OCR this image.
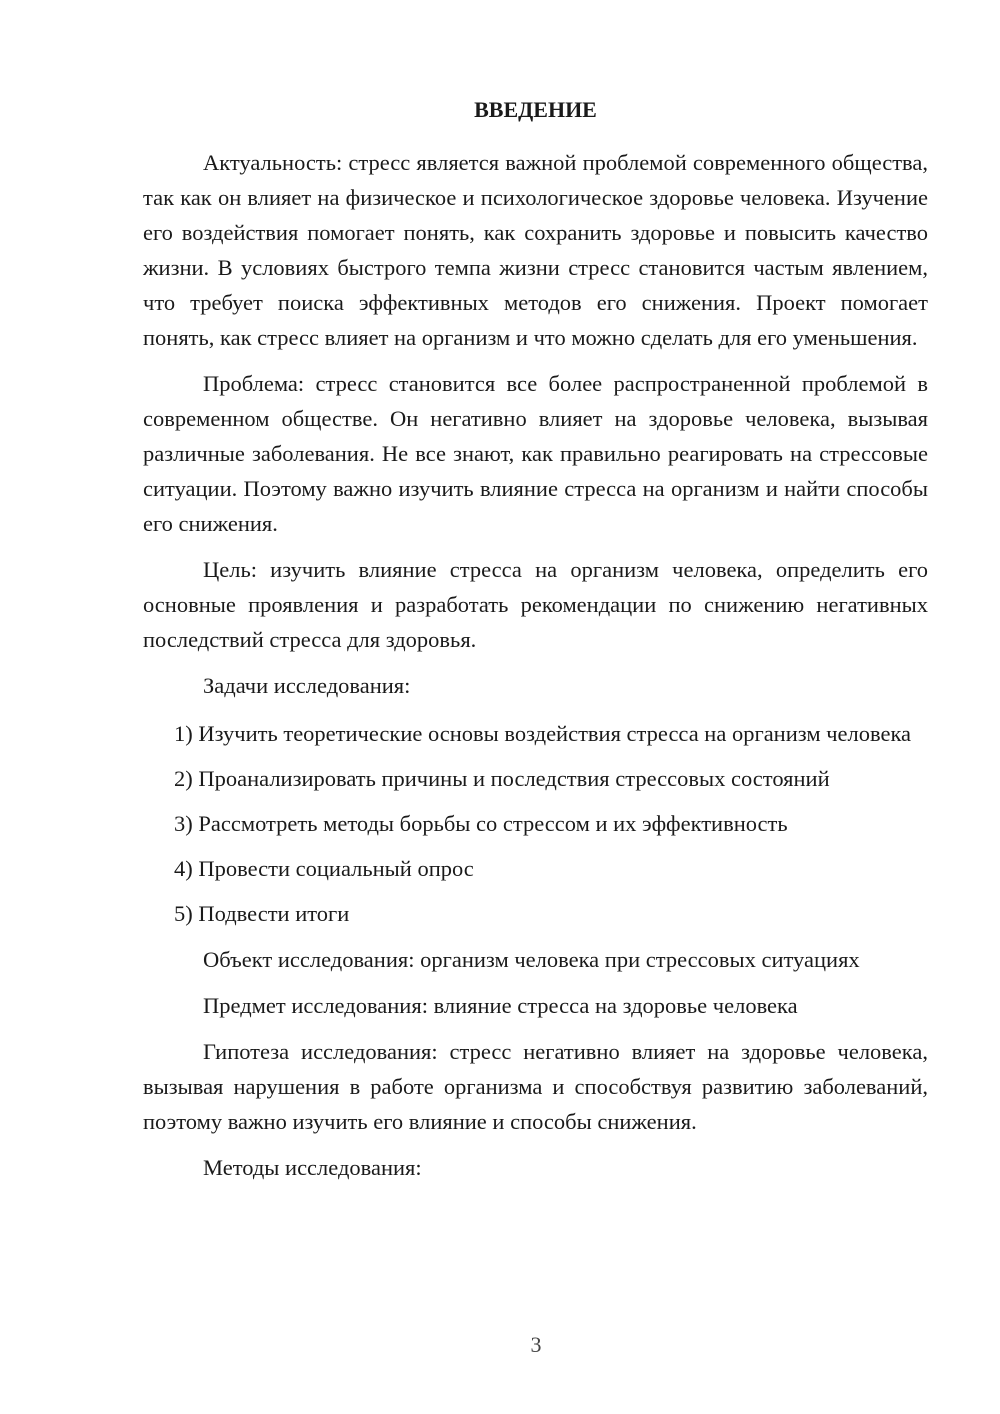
ВВЕДЕНИЕ

Актуальность: стресс является важной проблемой современного общества, так как он влияет на физическое и психологическое здоровье человека. Изучение его воздействия помогает понять, как сохранить здоровье и повысить качество жизни. В условиях быстрого темпа жизни стресс становится частым явлением, что требует поиска эффективных методов его снижения. Проект помогает понять, как стресс влияет на организм и что можно сделать для его уменьшения.

Проблема: стресс становится все более распространенной проблемой в современном обществе. Он негативно влияет на здоровье человека, вызывая различные заболевания. Не все знают, как правильно реагировать на стрессовые ситуации. Поэтому важно изучить влияние стресса на организм и найти способы его снижения.

Цель: изучить влияние стресса на организм человека, определить его основные проявления и разработать рекомендации по снижению негативных последствий стресса для здоровья.

Задачи исследования:

1) Изучить теоретические основы воздействия стресса на организм человека
2) Проанализировать причины и последствия стрессовых состояний
3) Рассмотреть методы борьбы со стрессом и их эффективность
4) Провести социальный опрос
5) Подвести итоги

Объект исследования: организм человека при стрессовых ситуациях

Предмет исследования: влияние стресса на здоровье человека

Гипотеза исследования: стресс негативно влияет на здоровье человека, вызывая нарушения в работе организма и способствуя развитию заболеваний, поэтому важно изучить его влияние и способы снижения.

Методы исследования:

3
